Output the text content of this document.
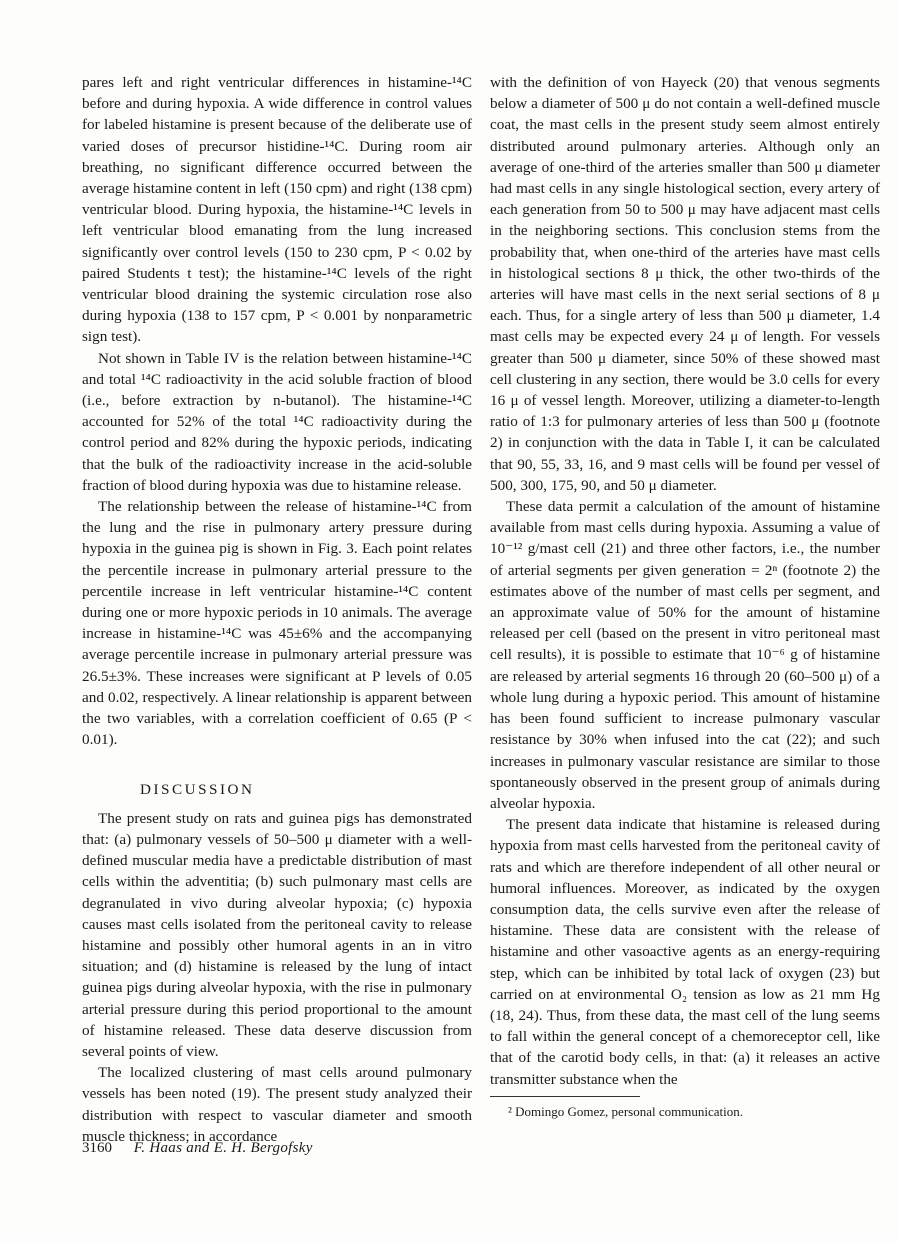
pares left and right ventricular differences in histamine-¹⁴C before and during hypoxia. A wide difference in control values for labeled histamine is present because of the deliberate use of varied doses of precursor histidine-¹⁴C. During room air breathing, no significant difference occurred between the average histamine content in left (150 cpm) and right (138 cpm) ventricular blood. During hypoxia, the histamine-¹⁴C levels in left ventricular blood emanating from the lung increased significantly over control levels (150 to 230 cpm, P < 0.02 by paired Students t test); the histamine-¹⁴C levels of the right ventricular blood draining the systemic circulation rose also during hypoxia (138 to 157 cpm, P < 0.001 by nonparametric sign test).

Not shown in Table IV is the relation between histamine-¹⁴C and total ¹⁴C radioactivity in the acid soluble fraction of blood (i.e., before extraction by n-butanol). The histamine-¹⁴C accounted for 52% of the total ¹⁴C radioactivity during the control period and 82% during the hypoxic periods, indicating that the bulk of the radioactivity increase in the acid-soluble fraction of blood during hypoxia was due to histamine release.

The relationship between the release of histamine-¹⁴C from the lung and the rise in pulmonary artery pressure during hypoxia in the guinea pig is shown in Fig. 3. Each point relates the percentile increase in pulmonary arterial pressure to the percentile increase in left ventricular histamine-¹⁴C content during one or more hypoxic periods in 10 animals. The average increase in histamine-¹⁴C was 45±6% and the accompanying average percentile increase in pulmonary arterial pressure was 26.5±3%. These increases were significant at P levels of 0.05 and 0.02, respectively. A linear relationship is apparent between the two variables, with a correlation coefficient of 0.65 (P < 0.01).

DISCUSSION

The present study on rats and guinea pigs has demonstrated that: (a) pulmonary vessels of 50–500 μ diameter with a well-defined muscular media have a predictable distribution of mast cells within the adventitia; (b) such pulmonary mast cells are degranulated in vivo during alveolar hypoxia; (c) hypoxia causes mast cells isolated from the peritoneal cavity to release histamine and possibly other humoral agents in an in vitro situation; and (d) histamine is released by the lung of intact guinea pigs during alveolar hypoxia, with the rise in pulmonary arterial pressure during this period proportional to the amount of histamine released. These data deserve discussion from several points of view.

The localized clustering of mast cells around pulmonary vessels has been noted (19). The present study analyzed their distribution with respect to vascular diameter and smooth muscle thickness; in accordance

with the definition of von Hayeck (20) that venous segments below a diameter of 500 μ do not contain a well-defined muscle coat, the mast cells in the present study seem almost entirely distributed around pulmonary arteries. Although only an average of one-third of the arteries smaller than 500 μ diameter had mast cells in any single histological section, every artery of each generation from 50 to 500 μ may have adjacent mast cells in the neighboring sections. This conclusion stems from the probability that, when one-third of the arteries have mast cells in histological sections 8 μ thick, the other two-thirds of the arteries will have mast cells in the next serial sections of 8 μ each. Thus, for a single artery of less than 500 μ diameter, 1.4 mast cells may be expected every 24 μ of length. For vessels greater than 500 μ diameter, since 50% of these showed mast cell clustering in any section, there would be 3.0 cells for every 16 μ of vessel length. Moreover, utilizing a diameter-to-length ratio of 1:3 for pulmonary arteries of less than 500 μ (footnote 2) in conjunction with the data in Table I, it can be calculated that 90, 55, 33, 16, and 9 mast cells will be found per vessel of 500, 300, 175, 90, and 50 μ diameter.

These data permit a calculation of the amount of histamine available from mast cells during hypoxia. Assuming a value of 10⁻¹² g/mast cell (21) and three other factors, i.e., the number of arterial segments per given generation = 2ⁿ (footnote 2) the estimates above of the number of mast cells per segment, and an approximate value of 50% for the amount of histamine released per cell (based on the present in vitro peritoneal mast cell results), it is possible to estimate that 10⁻⁶ g of histamine are released by arterial segments 16 through 20 (60–500 μ) of a whole lung during a hypoxic period. This amount of histamine has been found sufficient to increase pulmonary vascular resistance by 30% when infused into the cat (22); and such increases in pulmonary vascular resistance are similar to those spontaneously observed in the present group of animals during alveolar hypoxia.

The present data indicate that histamine is released during hypoxia from mast cells harvested from the peritoneal cavity of rats and which are therefore independent of all other neural or humoral influences. Moreover, as indicated by the oxygen consumption data, the cells survive even after the release of histamine. These data are consistent with the release of histamine and other vasoactive agents as an energy-requiring step, which can be inhibited by total lack of oxygen (23) but carried on at environmental O₂ tension as low as 21 mm Hg (18, 24). Thus, from these data, the mast cell of the lung seems to fall within the general concept of a chemoreceptor cell, like that of the carotid body cells, in that: (a) it releases an active transmitter substance when the

² Domingo Gomez, personal communication.

3160 F. Haas and E. H. Bergofsky
